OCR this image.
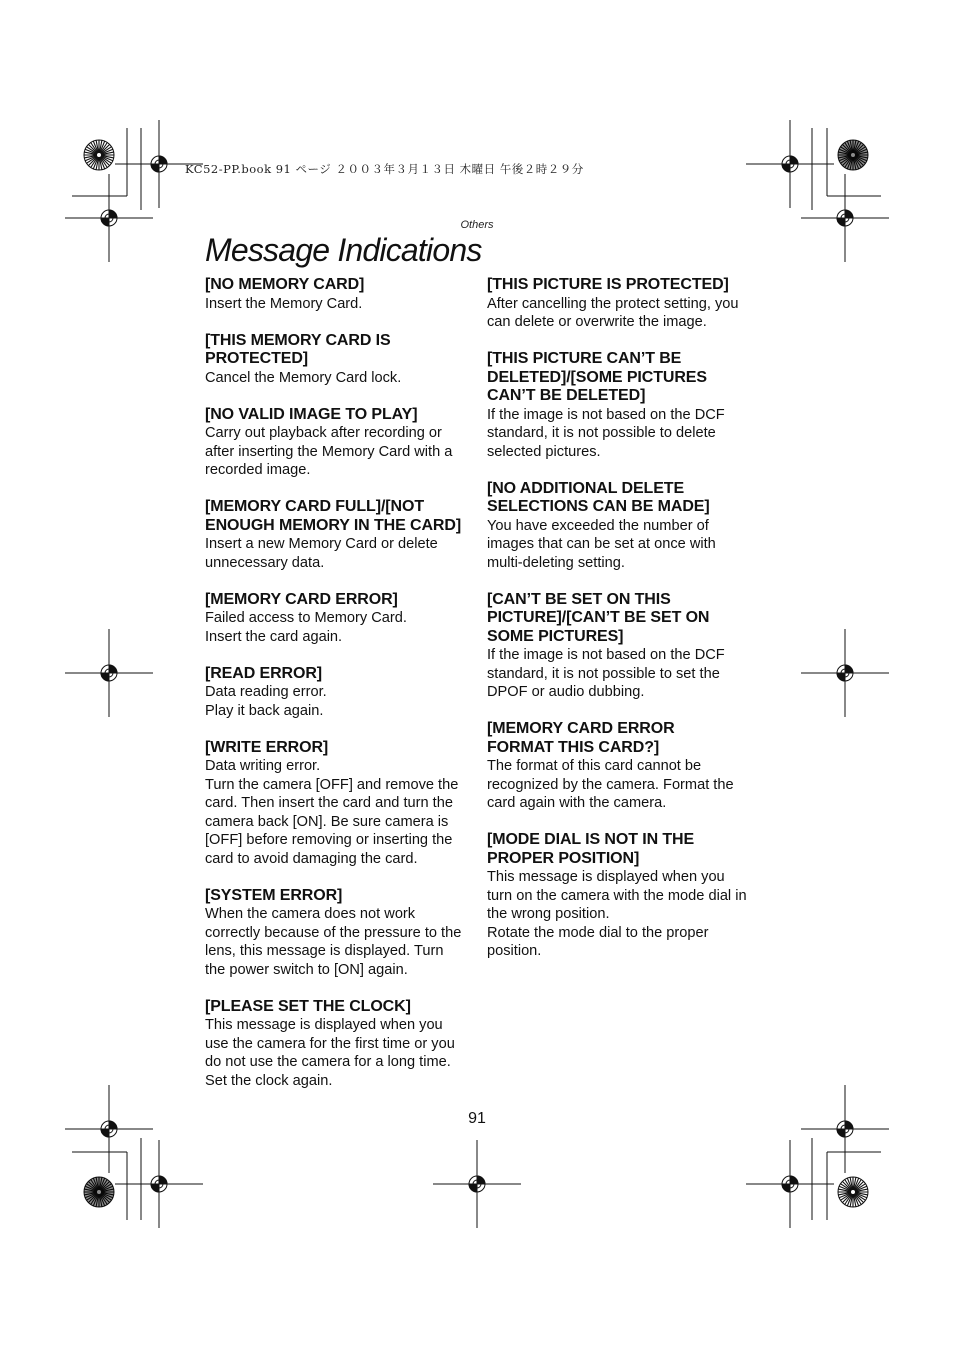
KC52-PP.book 91 ページ ２００３年３月１３日 木曜日 午後２時２９分
Others
Message Indications
[NO MEMORY CARD]
Insert the Memory Card.
[THIS MEMORY CARD IS
PROTECTED]
Cancel the Memory Card lock.
[NO VALID IMAGE TO PLAY]
Carry out playback after recording or
after inserting the Memory Card with a
recorded image.
[MEMORY CARD FULL]/[NOT
ENOUGH MEMORY IN THE CARD]
Insert a new Memory Card or delete
unnecessary data.
[MEMORY CARD ERROR]
Failed access to Memory Card.
Insert the card again.
[READ ERROR]
Data reading error.
Play it back again.
[WRITE ERROR]
Data writing error.
Turn the camera [OFF] and remove the
card. Then insert the card and turn the
camera back [ON]. Be sure camera is
[OFF] before removing or inserting the
card to avoid damaging the card.
[SYSTEM ERROR]
When the camera does not work
correctly because of the pressure to the
lens, this message is displayed. Turn
the power switch to [ON] again.
[PLEASE SET THE CLOCK]
This message is displayed when you
use the camera for the first time or you
do not use the camera for a long time.
Set the clock again.
[THIS PICTURE IS PROTECTED]
After cancelling the protect setting, you
can delete or overwrite the image.
[THIS PICTURE CAN’T BE
DELETED]/[SOME PICTURES
CAN’T BE DELETED]
If the image is not based on the DCF
standard, it is not possible to delete
selected pictures.
[NO ADDITIONAL DELETE
SELECTIONS CAN BE MADE]
You have exceeded the number of
images that can be set at once with
multi-deleting setting.
[CAN’T BE SET ON THIS
PICTURE]/[CAN’T BE SET ON
SOME PICTURES]
If the image is not based on the DCF
standard, it is not possible to set the
DPOF or audio dubbing.
[MEMORY CARD ERROR
FORMAT THIS CARD?]
The format of this card cannot be
recognized by the camera. Format the
card again with the camera.
[MODE DIAL IS NOT IN THE
PROPER POSITION]
This message is displayed when you
turn on the camera with the mode dial in
the wrong position.
Rotate the mode dial to the proper
position.
91
